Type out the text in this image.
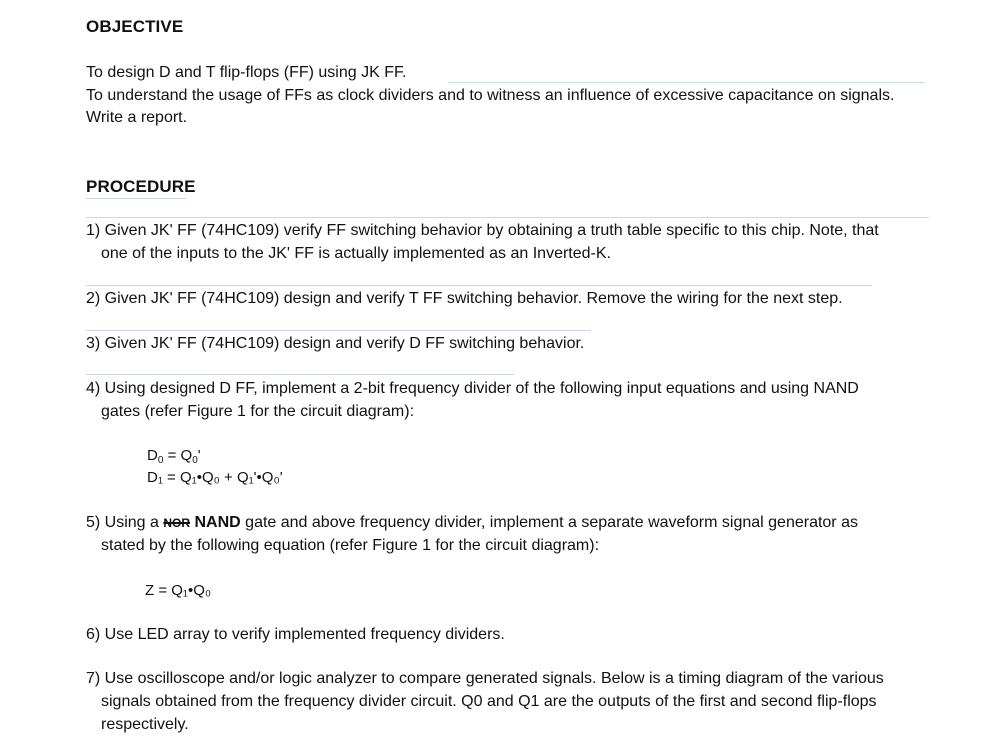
OBJECTIVE
To design D and T flip-flops (FF) using JK FF.
To understand the usage of FFs as clock dividers and to witness an influence of excessive capacitance on signals.
Write a report.
PROCEDURE
1) Given JK' FF (74HC109) verify FF switching behavior by obtaining a truth table specific to this chip. Note, that
one of the inputs to the JK' FF is actually implemented as an Inverted-K.
2) Given JK' FF (74HC109) design and verify T FF switching behavior. Remove the wiring for the next step.
3) Given JK' FF (74HC109) design and verify D FF switching behavior.
4) Using designed D FF, implement a 2-bit frequency divider of the following input equations and using NAND
gates (refer Figure 1 for the circuit diagram):
$D_0 = Q_0'$
D₁ = Q₁•Q₀ + Q₁'•Q₀'
5) Using a NOR NAND gate and above frequency divider, implement a separate waveform signal generator as
stated by the following equation (refer Figure 1 for the circuit diagram):
Z = Q₁•Q₀
6) Use LED array to verify implemented frequency dividers.
7) Use oscilloscope and/or logic analyzer to compare generated signals. Below is a timing diagram of the various
signals obtained from the frequency divider circuit. Q0 and Q1 are the outputs of the first and second flip-flops
respectively.
